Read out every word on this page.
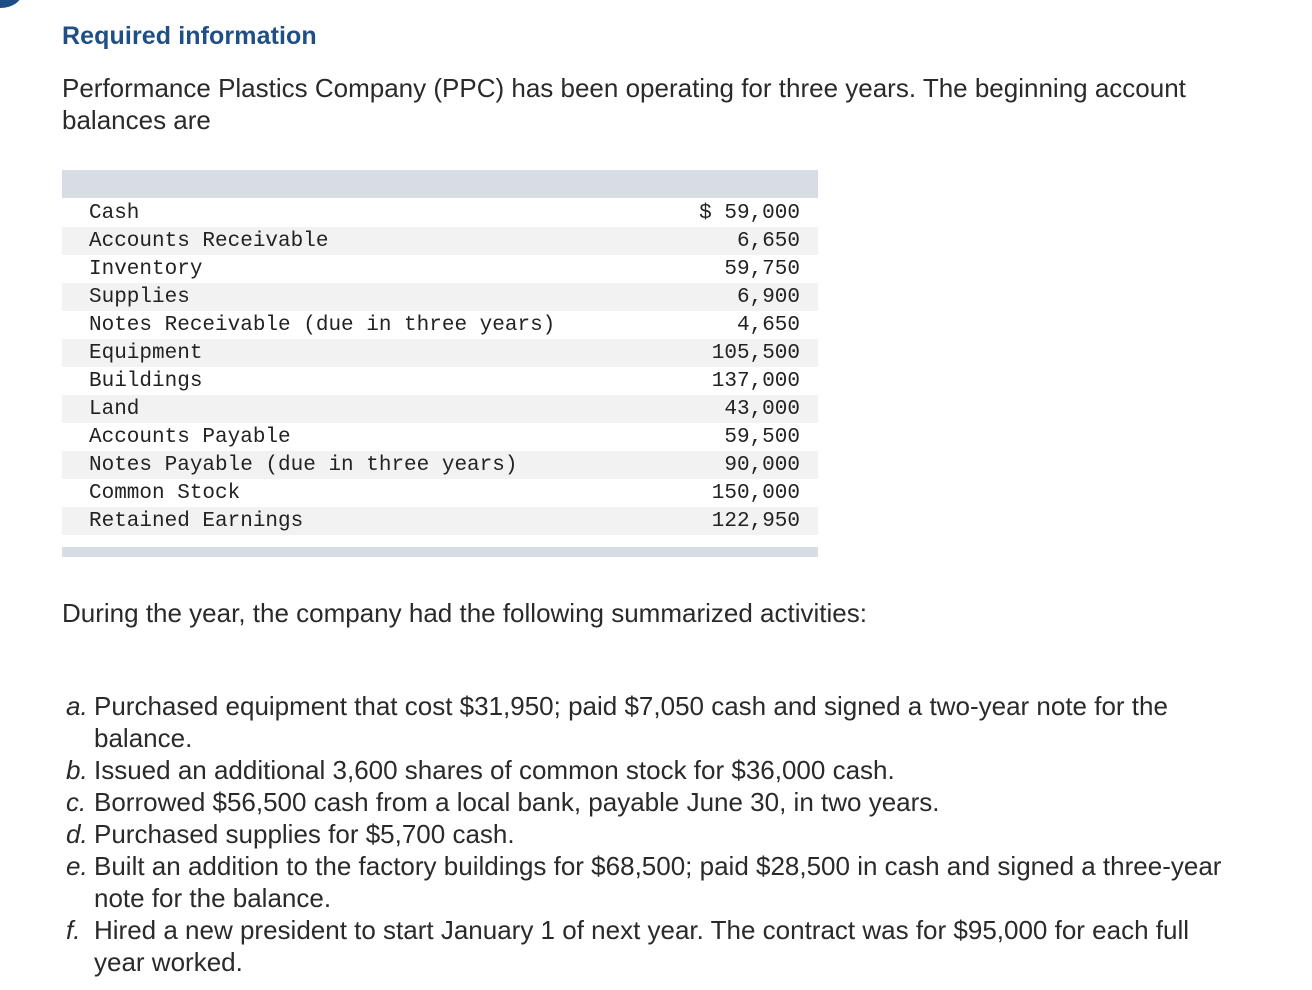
Required information

Performance Plastics Company (PPC) has been operating for three years. The beginning account balances are

Cash	$ 59,000
Accounts Receivable	6,650
Inventory	59,750
Supplies	6,900
Notes Receivable (due in three years)	4,650
Equipment	105,500
Buildings	137,000
Land	43,000
Accounts Payable	59,500
Notes Payable (due in three years)	90,000
Common Stock	150,000
Retained Earnings	122,950

During the year, the company had the following summarized activities:

a. Purchased equipment that cost $31,950; paid $7,050 cash and signed a two-year note for the balance.
b. Issued an additional 3,600 shares of common stock for $36,000 cash.
c. Borrowed $56,500 cash from a local bank, payable June 30, in two years.
d. Purchased supplies for $5,700 cash.
e. Built an addition to the factory buildings for $68,500; paid $28,500 in cash and signed a three-year note for the balance.
f. Hired a new president to start January 1 of next year. The contract was for $95,000 for each full year worked.
